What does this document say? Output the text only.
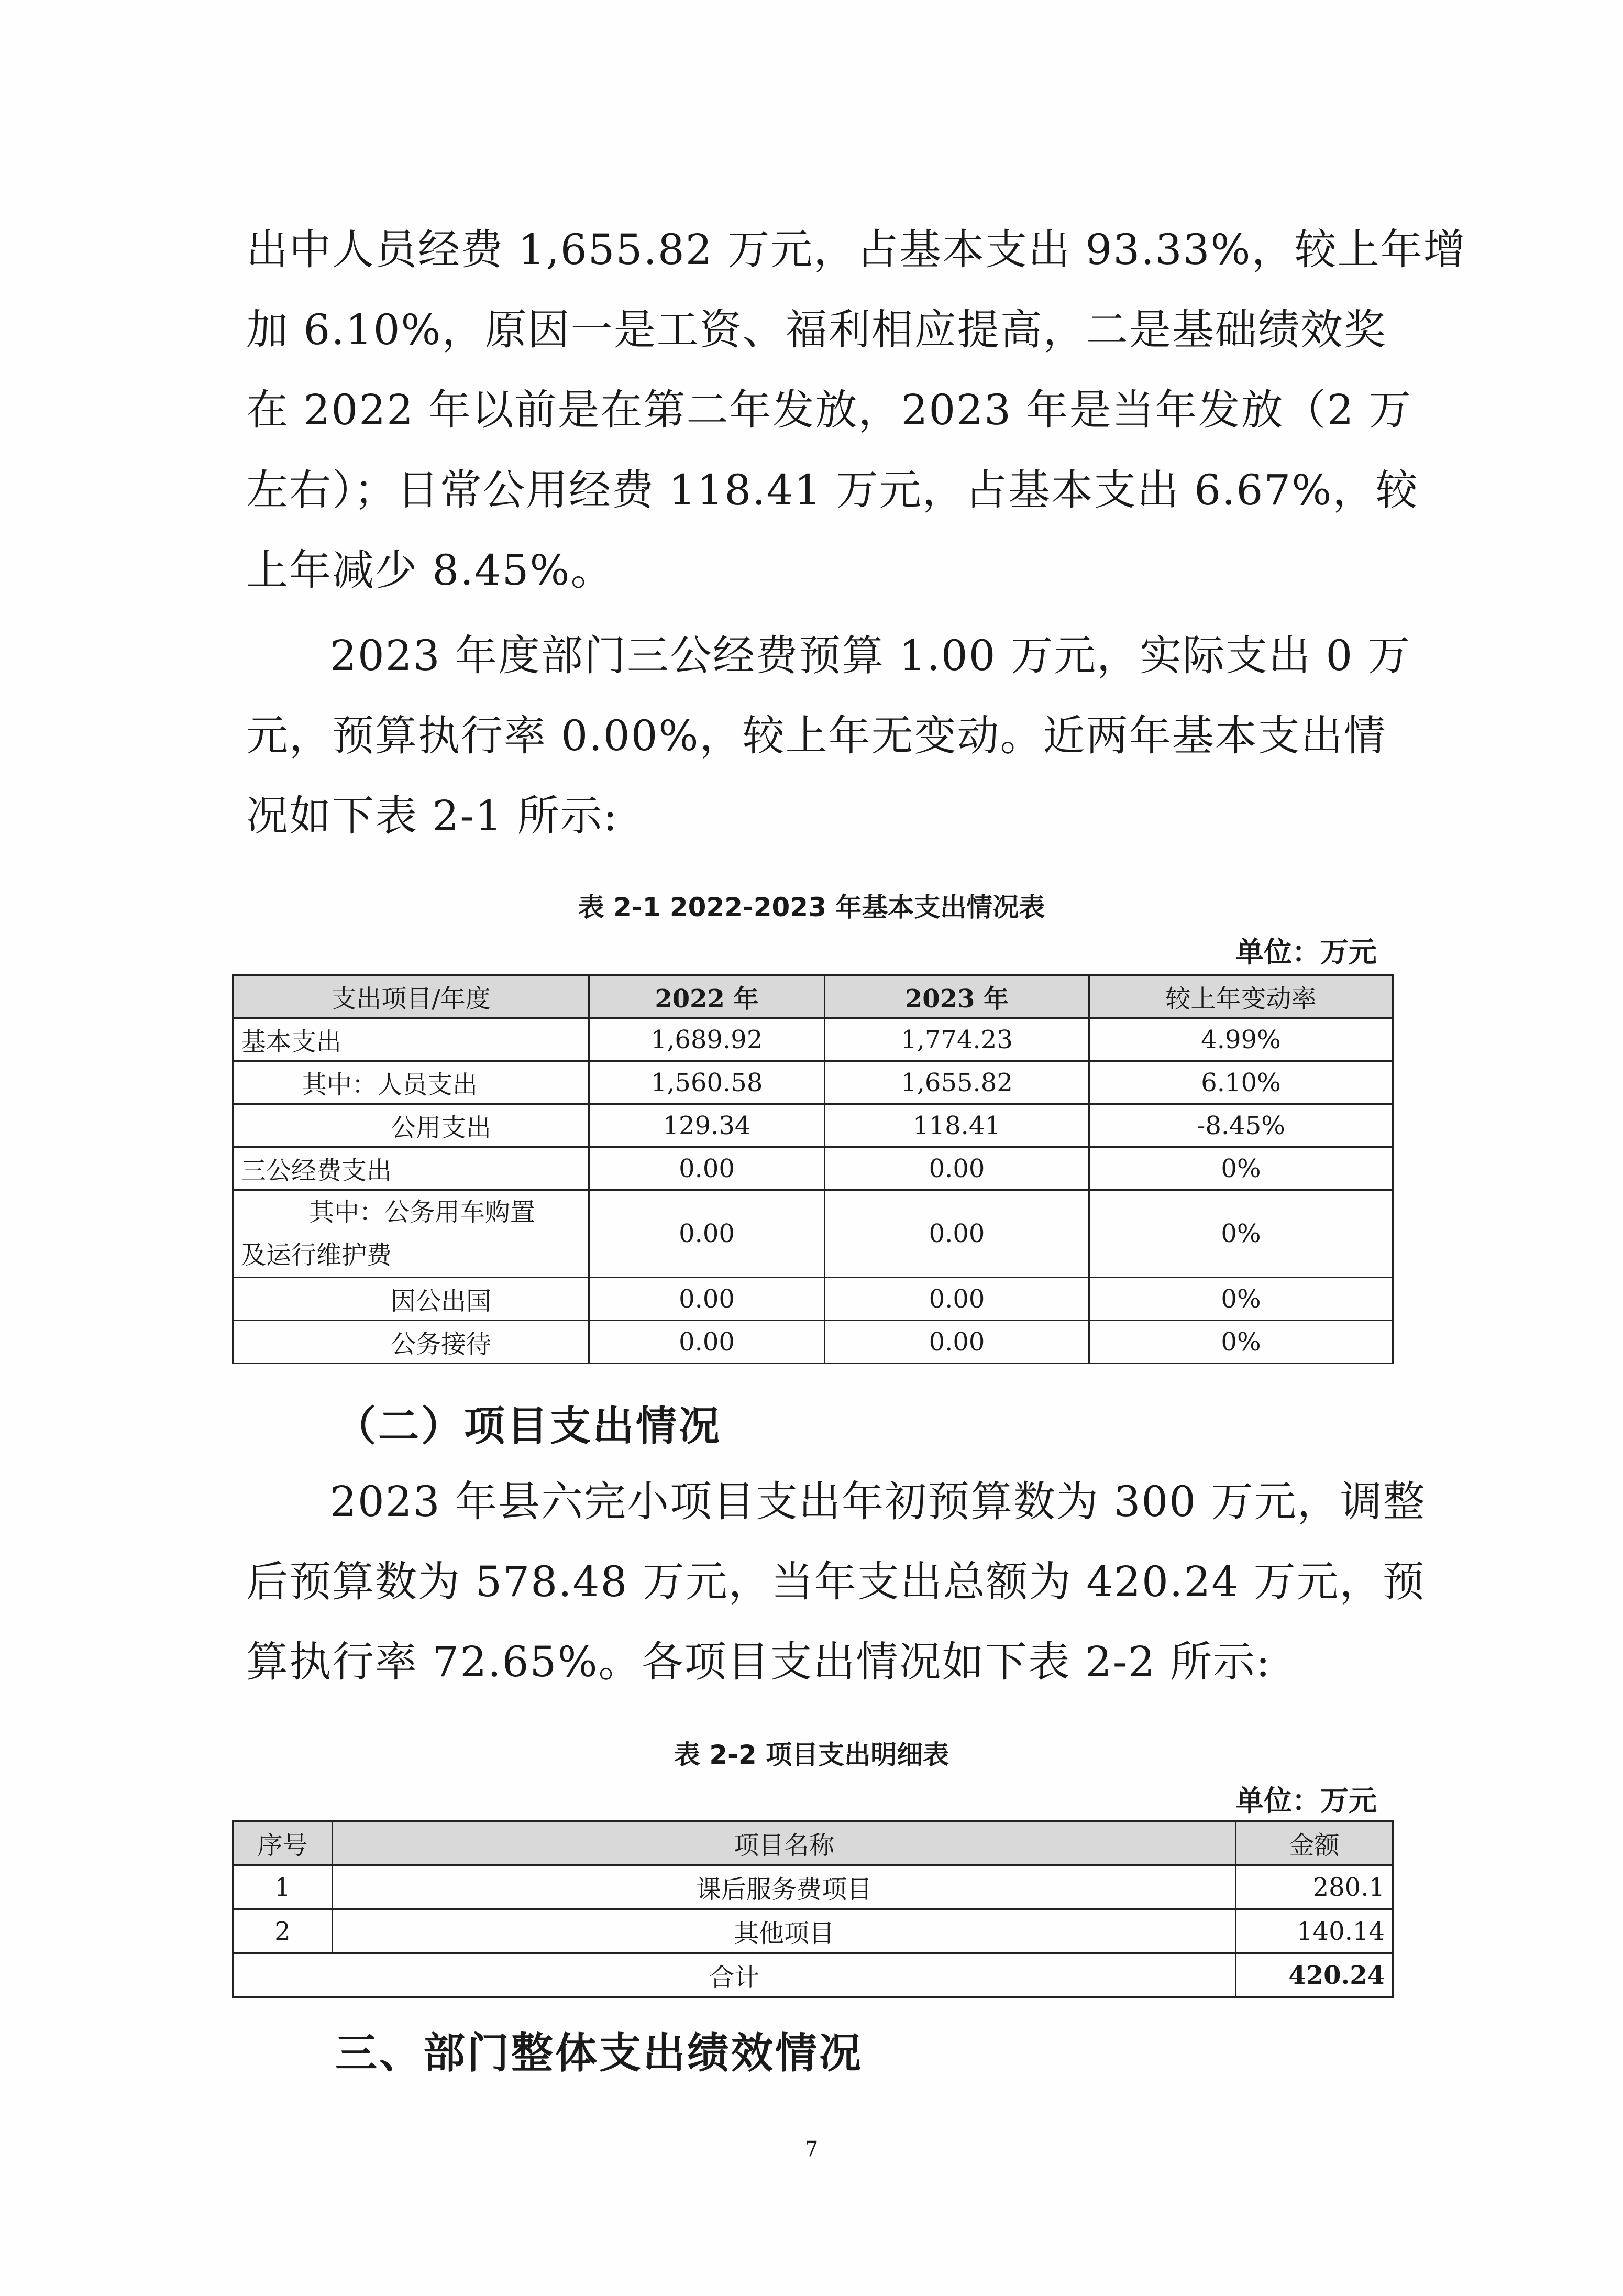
出中人员经费 1,655.82 万元，占基本支出 93.33%，较上年增
加 6.10%，原因一是工资、福利相应提高，二是基础绩效奖
在 2022 年以前是在第二年发放，2023 年是当年发放（2 万
左右）；日常公用经费 118.41 万元，占基本支出 6.67%，较
上年减少 8.45%。
2023 年度部门三公经费预算 1.00 万元，实际支出 0 万
元，预算执行率 0.00%，较上年无变动。近两年基本支出情
况如下表 2-1 所示:

表 2-1 2022-2023 年基本支出情况表

单位：万元

支出项目/年度	2022 年	2023 年	较上年变动率
基本支出	1,689.92	1,774.23	4.99%
其中：人员支出	1,560.58	1,655.82	6.10%
公用支出	129.34	118.41	-8.45%
三公经费支出	0.00	0.00	0%

其中：公务用车购置
及运行维护费	0.00	0.00	0%
因公出国	0.00	0.00	0%
公务接待	0.00	0.00	0%

（二）项目支出情况

2023 年县六完小项目支出年初预算数为 300 万元，调整
后预算数为 578.48 万元，当年支出总额为 420.24 万元，预
算执行率 72.65%。各项目支出情况如下表 2-2 所示:

表 2-2 项目支出明细表

单位：万元

序号	项目名称	金额
1	课后服务费项目	280.1
2	其他项目	140.14
合计		420.24

三、部门整体支出绩效情况

7
